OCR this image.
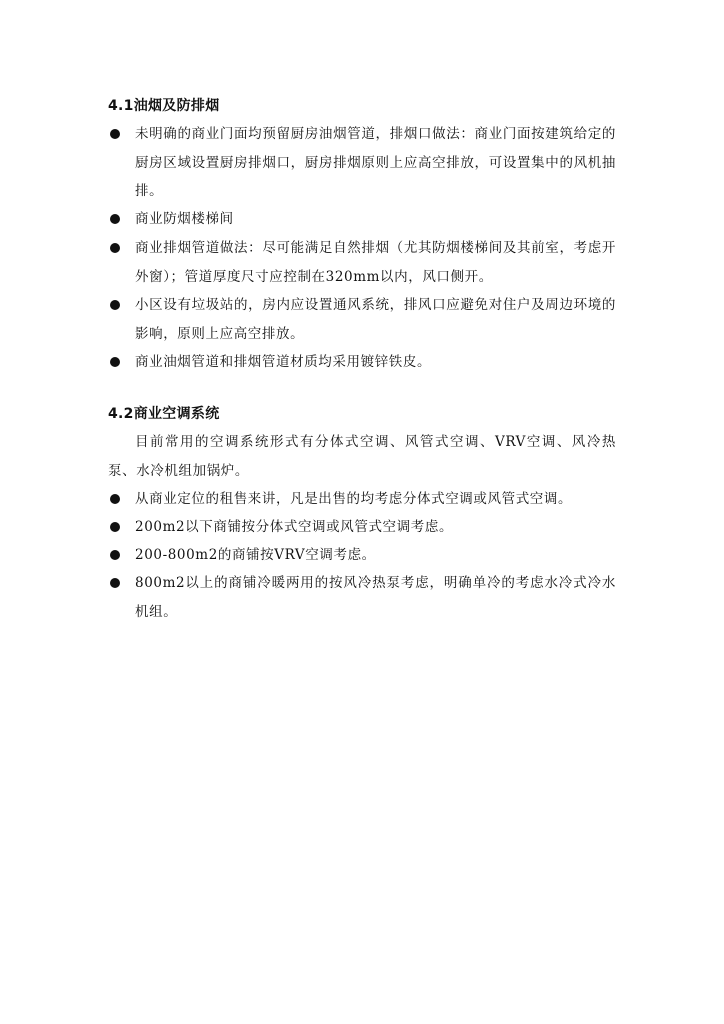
4.1油烟及防排烟
未明确的商业门面均预留厨房油烟管道，排烟口做法：商业门面按建筑给定的厨房区域设置厨房排烟口，厨房排烟原则上应高空排放，可设置集中的风机抽排。
商业防烟楼梯间
商业排烟管道做法：尽可能满足自然排烟（尤其防烟楼梯间及其前室，考虑开外窗）；管道厚度尺寸应控制在320mm以内，风口侧开。
小区设有垃圾站的，房内应设置通风系统，排风口应避免对住户及周边环境的影响，原则上应高空排放。
商业油烟管道和排烟管道材质均采用镀锌铁皮。
4.2商业空调系统
目前常用的空调系统形式有分体式空调、风管式空调、VRV空调、风冷热泵、水冷机组加锅炉。
从商业定位的租售来讲，凡是出售的均考虑分体式空调或风管式空调。
200m2以下商铺按分体式空调或风管式空调考虑。
200-800m2的商铺按VRV空调考虑。
800m2以上的商铺冷暖两用的按风冷热泵考虑，明确单冷的考虑水冷式冷水机组。
